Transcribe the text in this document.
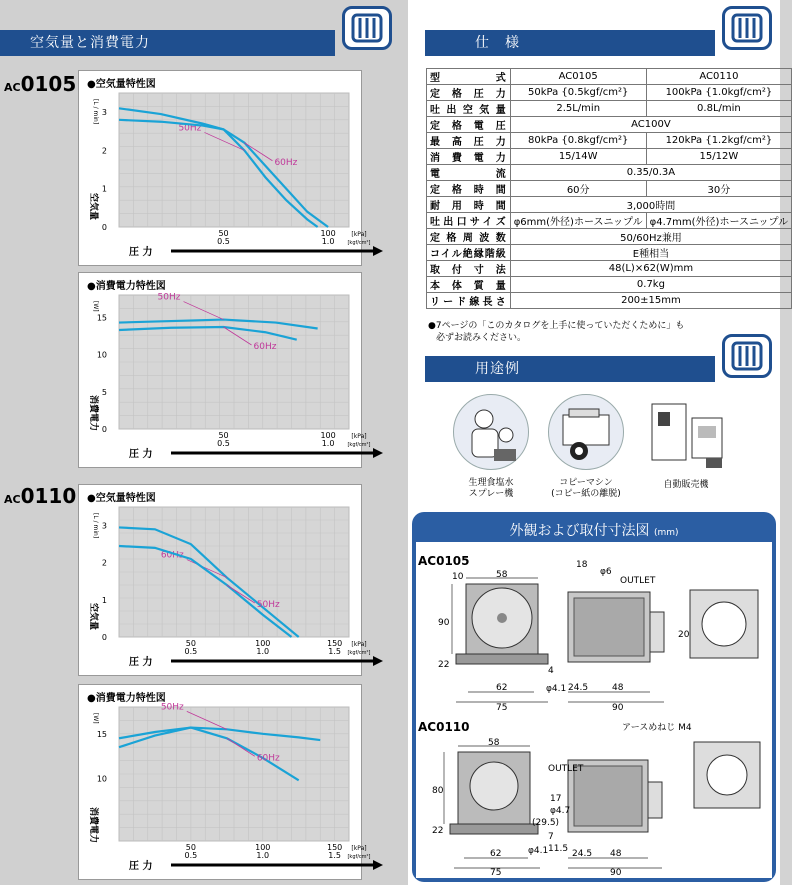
空気量と消費電力
AC0105
AC0110
●空気量特性図
0
1
2
3
50
0.5
100
1.0
[kPa]
[kgf/cm²]
[L / min]
空気量
圧 力
50Hz
60Hz
●消費電力特性図
0
5
10
15
50
0.5
100
1.0
[kPa]
[kgf/cm²]
[W]
消費電力
圧 力
50Hz
60Hz
●空気量特性図
0
1
2
3
50
0.5
100
1.0
150
1.5
[kPa]
[kgf/cm²]
[L / min]
空気量
圧 力
60Hz
50Hz
●消費電力特性図
10
15
50
0.5
100
1.0
150
1.5
[kPa]
[kgf/cm²]
[W]
消費電力
圧 力
50Hz
60Hz
仕　様
型式	AC0105	AC0110
定格圧力	50kPa {0.5kgf/cm²}	100kPa {1.0kgf/cm²}
吐出空気量	2.5L/min	0.8L/min
定格電圧	AC100V	
最高圧力	80kPa {0.8kgf/cm²}	120kPa {1.2kgf/cm²}
消費電力	15/14W	15/12W
電流	0.35/0.3A	
定格時間	60分	30分
耐用時間	3,000時間	
吐出口サイズ	φ6mm(外径)ホースニップル	φ4.7mm(外径)ホースニップル
定格周波数	50/60Hz兼用	
コイル絶縁階級	E種相当	
取付寸法	48(L)×62(W)mm	
本体質量	0.7kg	
リード線長さ	200±15mm	
●7ページの「このカタログを上手に使っていただくために」も
必ずお読みください。
用途例
生理食塩水
スプレー機
コピーマシン
(コピー紙の離脱)
自動販売機
外観および取付寸法図 (mm)
AC0105
AC0110
58
18
φ6
OUTLET
10
90
22
20
4
φ4.1
62
75
24.5	48
90
アースめねじ M4
58
80
22
OUTLET
17
φ4.7
(29.5)
7
φ4.1 11.5
62
75
24.5 48
90
